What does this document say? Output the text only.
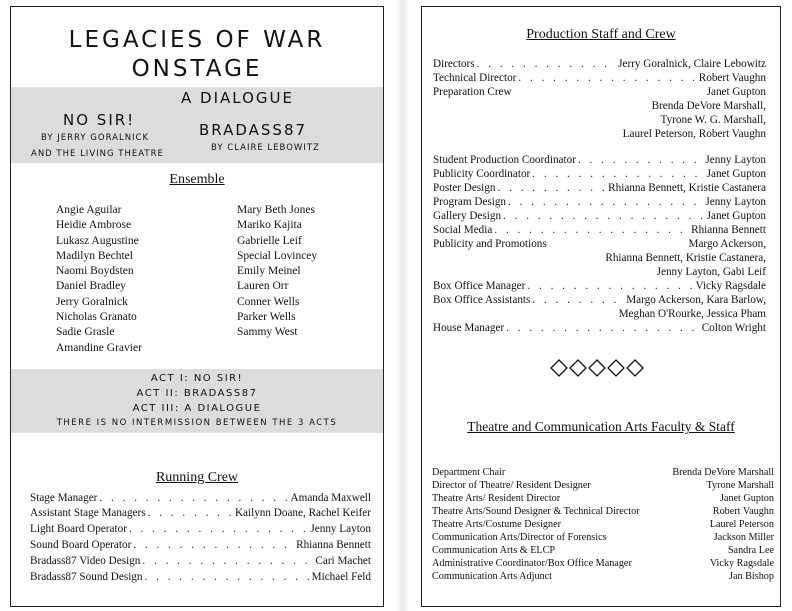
LEGACIES OF WAR
ONSTAGE
A DIALOGUE
NO SIR!
BY JERRY GORALNICK
AND THE LIVING THEATRE
BRADASS87
BY CLAIRE LEBOWITZ
Ensemble
Angie Aguilar
Heidie Ambrose
Lukasz Augustine
Madilyn Bechtel
Naomi Boydsten
Daniel Bradley
Jerry Goralnick
Nicholas Granato
Sadie Grasle
Amandine Gravier
Mary Beth Jones
Mariko Kajita
Gabrielle Leif
Special Lovincey
Emily Meinel
Lauren Orr
Conner Wells
Parker Wells
Sammy West
ACT I: NO SIR!
ACT II: BRADASS87
ACT III: A DIALOGUE
THERE IS NO INTERMISSION BETWEEN THE 3 ACTS
Running Crew
Stage Manager . . .	Amanda Maxwell
Assistant Stage Managers . . .	Kailynn Doane, Rachel Keifer
Light Board Operator . . .	Jenny Layton
Sound Board Operator . . .	Rhianna Bennett
Bradass87 Video Design . . .	Cari Machet
Bradass87 Sound Design . . .	Michael Feld
Production Staff and Crew
Directors . . .	Jerry Goralnick, Claire Lebowitz
Technical Director . . .	Robert Vaughn
Preparation Crew	Janet Gupton
Brenda DeVore Marshall,
Tyrone W. G. Marshall,
Laurel Peterson, Robert Vaughn
Student Production Coordinator . . .	Jenny Layton
Publicity Coordinator . . .	Janet Gupton
Poster Design . . .	Rhianna Bennett, Kristie Castanera
Program Design . . .	Jenny Layton
Gallery Design . . .	Janet Gupton
Social Media . . .	Rhianna Bennett
Publicity and Promotions	Margo Ackerson,
Rhianna Bennett, Kristie Castanera,
Jenny Layton, Gabi Leif
Box Office Manager . . .	Vicky Ragsdale
Box Office Assistants . . .	Margo Ackerson, Kara Barlow,
Meghan O'Rourke, Jessica Pham
House Manager . . .	Colton Wright
Theatre and Communication Arts Faculty & Staff
Department Chair	Brenda DeVore Marshall
Director of Theatre/ Resident Designer	Tyrone Marshall
Theatre Arts/ Resident Director	Janet Gupton
Theatre Arts/Sound Designer & Technical Director	Robert Vaughn
Theatre Arts/Costume Designer	Laurel Peterson
Communication Arts/Director of Forensics	Jackson Miller
Communication Arts & ELCP	Sandra Lee
Administrative Coordinator/Box Office Manager	Vicky Ragsdale
Communication Arts Adjunct	Jan Bishop
